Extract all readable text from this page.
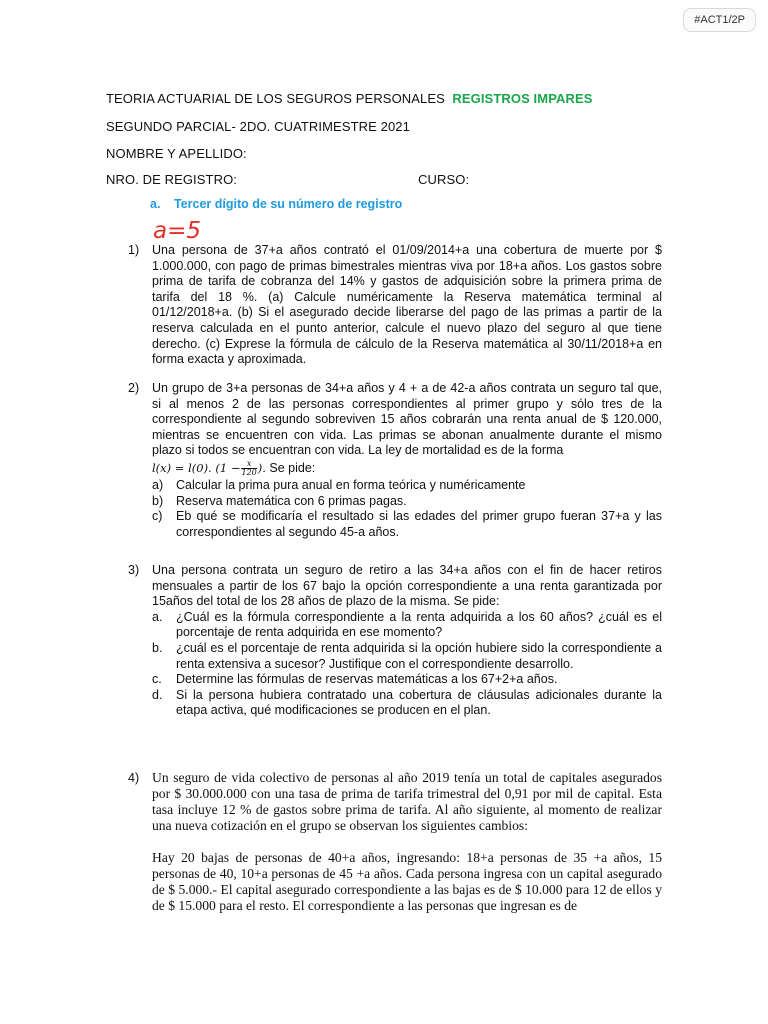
#ACT1/2P
TEORIA ACTUARIAL DE LOS SEGUROS PERSONALES REGISTROS IMPARES
SEGUNDO PARCIAL- 2DO. CUATRIMESTRE 2021
NOMBRE Y APELLIDO:
NRO. DE REGISTRO:	CURSO:
a. Tercer dígito de su número de registro
a=5
1) Una persona de 37+a años contrató el 01/09/2014+a una cobertura de muerte por $ 1.000.000, con pago de primas bimestrales mientras viva por 18+a años. Los gastos sobre prima de tarifa de cobranza del 14% y gastos de adquisición sobre la primera prima de tarifa del 18 %. (a) Calcule numéricamente la Reserva matemática terminal al 01/12/2018+a. (b) Si el asegurado decide liberarse del pago de las primas a partir de la reserva calculada en el punto anterior, calcule el nuevo plazo del seguro al que tiene derecho. (c) Exprese la fórmula de cálculo de la Reserva matemática al 30/11/2018+a en forma exacta y aproximada.
2) Un grupo de 3+a personas de 34+a años y 4 + a de 42-a años contrata un seguro tal que, si al menos 2 de las personas correspondientes al primer grupo y sólo tres de la correspondiente al segundo sobreviven 15 años cobrarán una renta anual de $ 120.000, mientras se encuentren con vida. Las primas se abonan anualmente durante el mismo plazo si todos se encuentran con vida. La ley de mortalidad es de la forma
l(x) = l(0). ($1 - \frac{x}{120}$ ). Se pide:
a) Calcular la prima pura anual en forma teórica y numéricamente
b) Reserva matemática con 6 primas pagas.
c) Eb qué se modificaría el resultado si las edades del primer grupo fueran 37+a y las correspondientes al segundo 45-a años.
3) Una persona contrata un seguro de retiro a las 34+a años con el fin de hacer retiros mensuales a partir de los 67 bajo la opción correspondiente a una renta garantizada por 15años del total de los 28 años de plazo de la misma. Se pide:
a. ¿Cuál es la fórmula correspondiente a la renta adquirida a los 60 años? ¿cuál es el porcentaje de renta adquirida en ese momento?
b. ¿cuál es el porcentaje de renta adquirida si la opción hubiere sido la correspondiente a renta extensiva a sucesor? Justifique con el correspondiente desarrollo.
c. Determine las fórmulas de reservas matemáticas a los 67+2+a años.
d. Si la persona hubiera contratado una cobertura de cláusulas adicionales durante la etapa activa, qué modificaciones se producen en el plan.
4) Un seguro de vida colectivo de personas al año 2019 tenía un total de capitales asegurados por $ 30.000.000 con una tasa de prima de tarifa trimestral del 0,91 por mil de capital. Esta tasa incluye 12 % de gastos sobre prima de tarifa. Al año siguiente, al momento de realizar una nueva cotización en el grupo se observan los siguientes cambios:
Hay 20 bajas de personas de 40+a años, ingresando: 18+a personas de 35 +a años, 15 personas de 40, 10+a personas de 45 +a años. Cada persona ingresa con un capital asegurado de $ 5.000.- El capital asegurado correspondiente a las bajas es de $ 10.000 para 12 de ellos y de $ 15.000 para el resto. El correspondiente a las personas que ingresan es de
